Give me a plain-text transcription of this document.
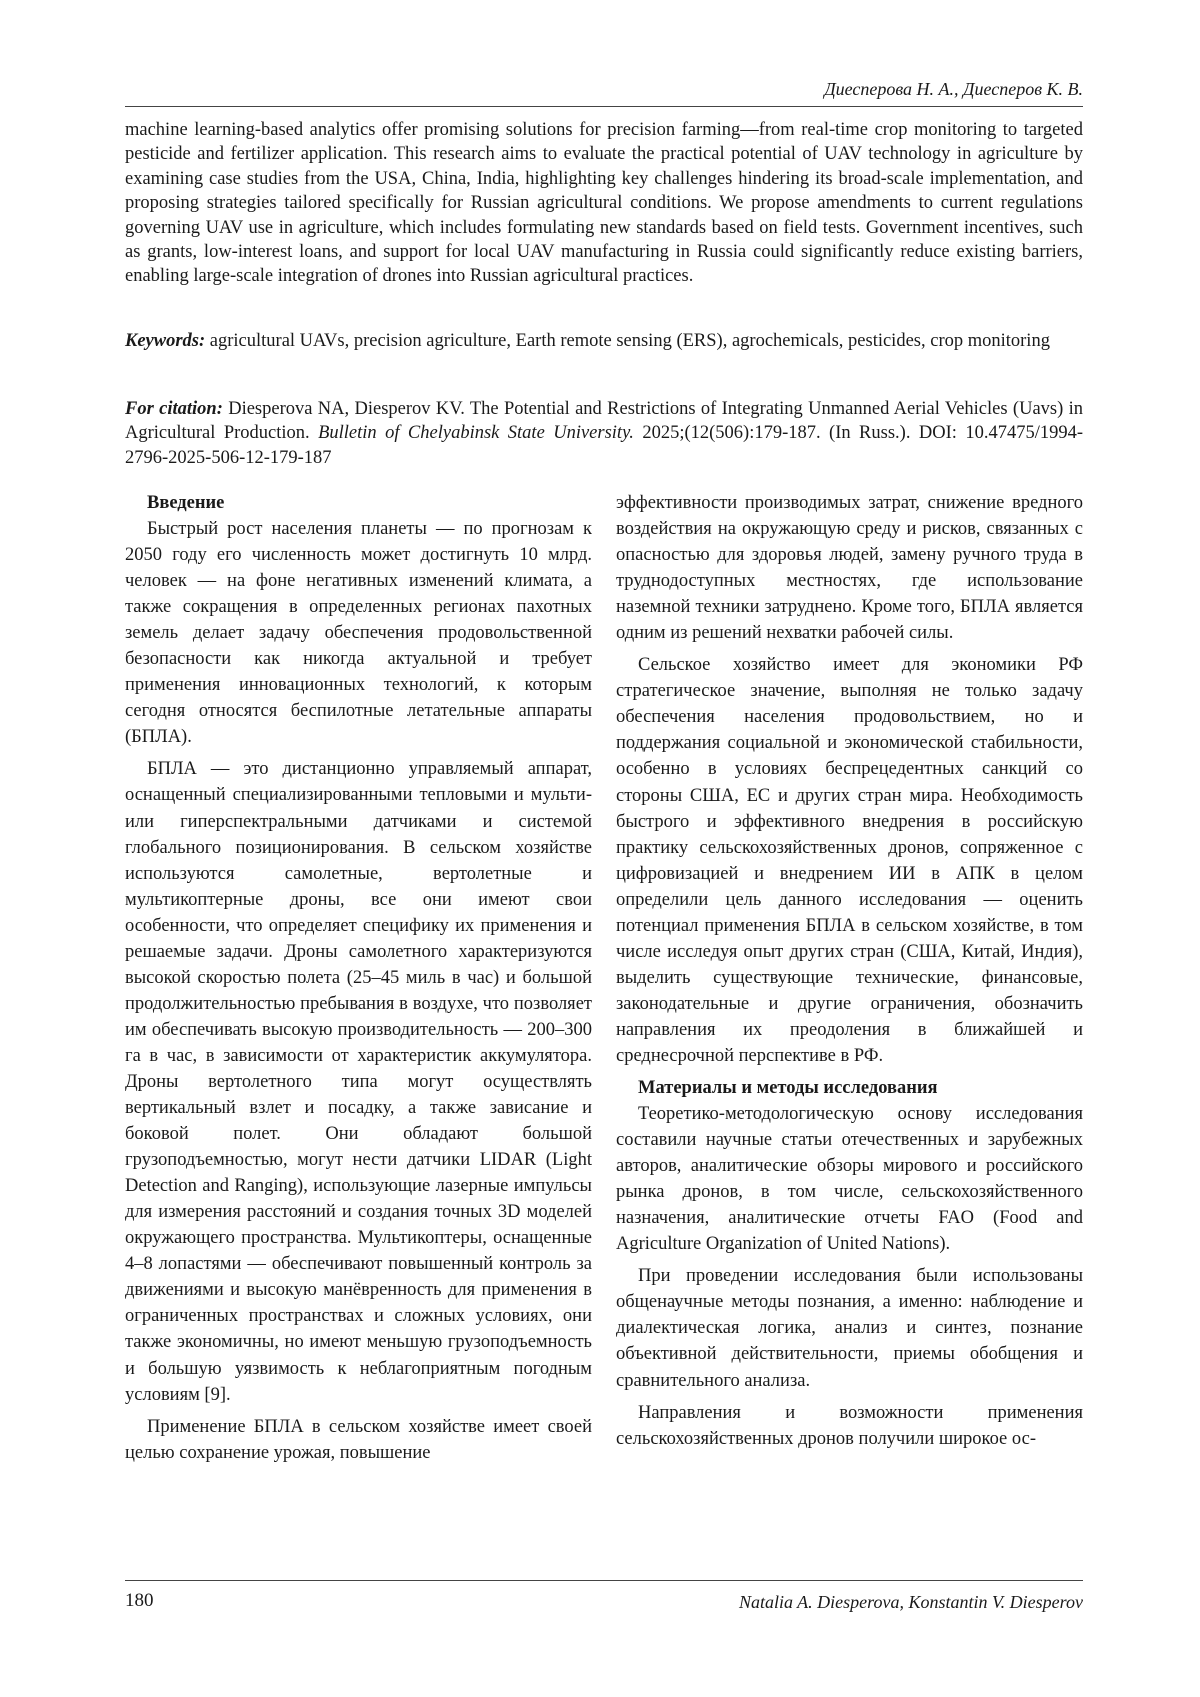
Диесперова Н. А., Диесперов К. В.

machine learning-based analytics offer promising solutions for precision farming—from real-time crop monitoring to targeted pesticide and fertilizer application. This research aims to evaluate the practical potential of UAV technology in agriculture by examining case studies from the USA, China, India, highlighting key challenges hindering its broad-scale implementation, and proposing strategies tailored specifically for Russian agricultural conditions. We propose amendments to current regulations governing UAV use in agriculture, which includes formulating new standards based on field tests. Government incentives, such as grants, low-interest loans, and support for local UAV manufacturing in Russia could significantly reduce existing barriers, enabling large-scale integration of drones into Russian agricultural practices.

Keywords: agricultural UAVs, precision agriculture, Earth remote sensing (ERS), agrochemicals, pesticides, crop monitoring
For citation: Diesperova NA, Diesperov KV. The Potential and Restrictions of Integrating Unmanned Aerial Vehicles (Uavs) in Agricultural Production. Bulletin of Chelyabinsk State University. 2025;(12(506):179-187. (In Russ.). DOI: 10.47475/1994-2796-2025-506-12-179-187
Введение

Быстрый рост населения планеты — по прогнозам к 2050 году его численность может достигнуть 10 млрд. человек — на фоне негативных изменений климата, а также сокращения в определенных регионах пахотных земель делает задачу обеспечения продовольственной безопасности как никогда актуальной и требует применения инновационных технологий, к которым сегодня относятся беспилотные летательные аппараты (БПЛА).

БПЛА — это дистанционно управляемый аппарат, оснащенный специализированными тепловыми и мульти- или гиперспектральными датчиками и системой глобального позиционирования. В сельском хозяйстве используются самолетные, вертолетные и мультикоптерные дроны, все они имеют свои особенности, что определяет специфику их применения и решаемые задачи. Дроны самолетного характеризуются высокой скоростью полета (25–45 миль в час) и большой продолжительностью пребывания в воздухе, что позволяет им обеспечивать высокую производительность — 200–300 га в час, в зависимости от характеристик аккумулятора. Дроны вертолетного типа могут осуществлять вертикальный взлет и посадку, а также зависание и боковой полет. Они обладают большой грузоподъемностью, могут нести датчики LIDAR (Light Detection and Ranging), использующие лазерные импульсы для измерения расстояний и создания точных 3D моделей окружающего пространства. Мультикоптеры, оснащенные 4–8 лопастями — обеспечивают повышенный контроль за движениями и высокую манёвренность для применения в ограниченных пространствах и сложных условиях, они также экономичны, но имеют меньшую грузоподъемность и большую уязвимость к неблагоприятным погодным условиям [9].

Применение БПЛА в сельском хозяйстве имеет своей целью сохранение урожая, повышение

эффективности производимых затрат, снижение вредного воздействия на окружающую среду и рисков, связанных с опасностью для здоровья людей, замену ручного труда в труднодоступных местностях, где использование наземной техники затруднено. Кроме того, БПЛА является одним из решений нехватки рабочей силы.

Сельское хозяйство имеет для экономики РФ стратегическое значение, выполняя не только задачу обеспечения населения продовольствием, но и поддержания социальной и экономической стабильности, особенно в условиях беспрецедентных санкций со стороны США, ЕС и других стран мира. Необходимость быстрого и эффективного внедрения в российскую практику сельскохозяйственных дронов, сопряженное с цифровизацией и внедрением ИИ в АПК в целом определили цель данного исследования — оценить потенциал применения БПЛА в сельском хозяйстве, в том числе исследуя опыт других стран (США, Китай, Индия), выделить существующие технические, финансовые, законодательные и другие ограничения, обозначить направления их преодоления в ближайшей и среднесрочной перспективе в РФ.

Материалы и методы исследования

Теоретико-методологическую основу исследования составили научные статьи отечественных и зарубежных авторов, аналитические обзоры мирового и российского рынка дронов, в том числе, сельскохозяйственного назначения, аналитические отчеты FAO (Food and Agriculture Organization of United Nations).

При проведении исследования были использованы общенаучные методы познания, а именно: наблюдение и диалектическая логика, анализ и синтез, познание объективной действительности, приемы обобщения и сравнительного анализа.

Направления и возможности применения сельскохозяйственных дронов получили широкое ос-

180	Natalia A. Diesperova, Konstantin V. Diesperov
